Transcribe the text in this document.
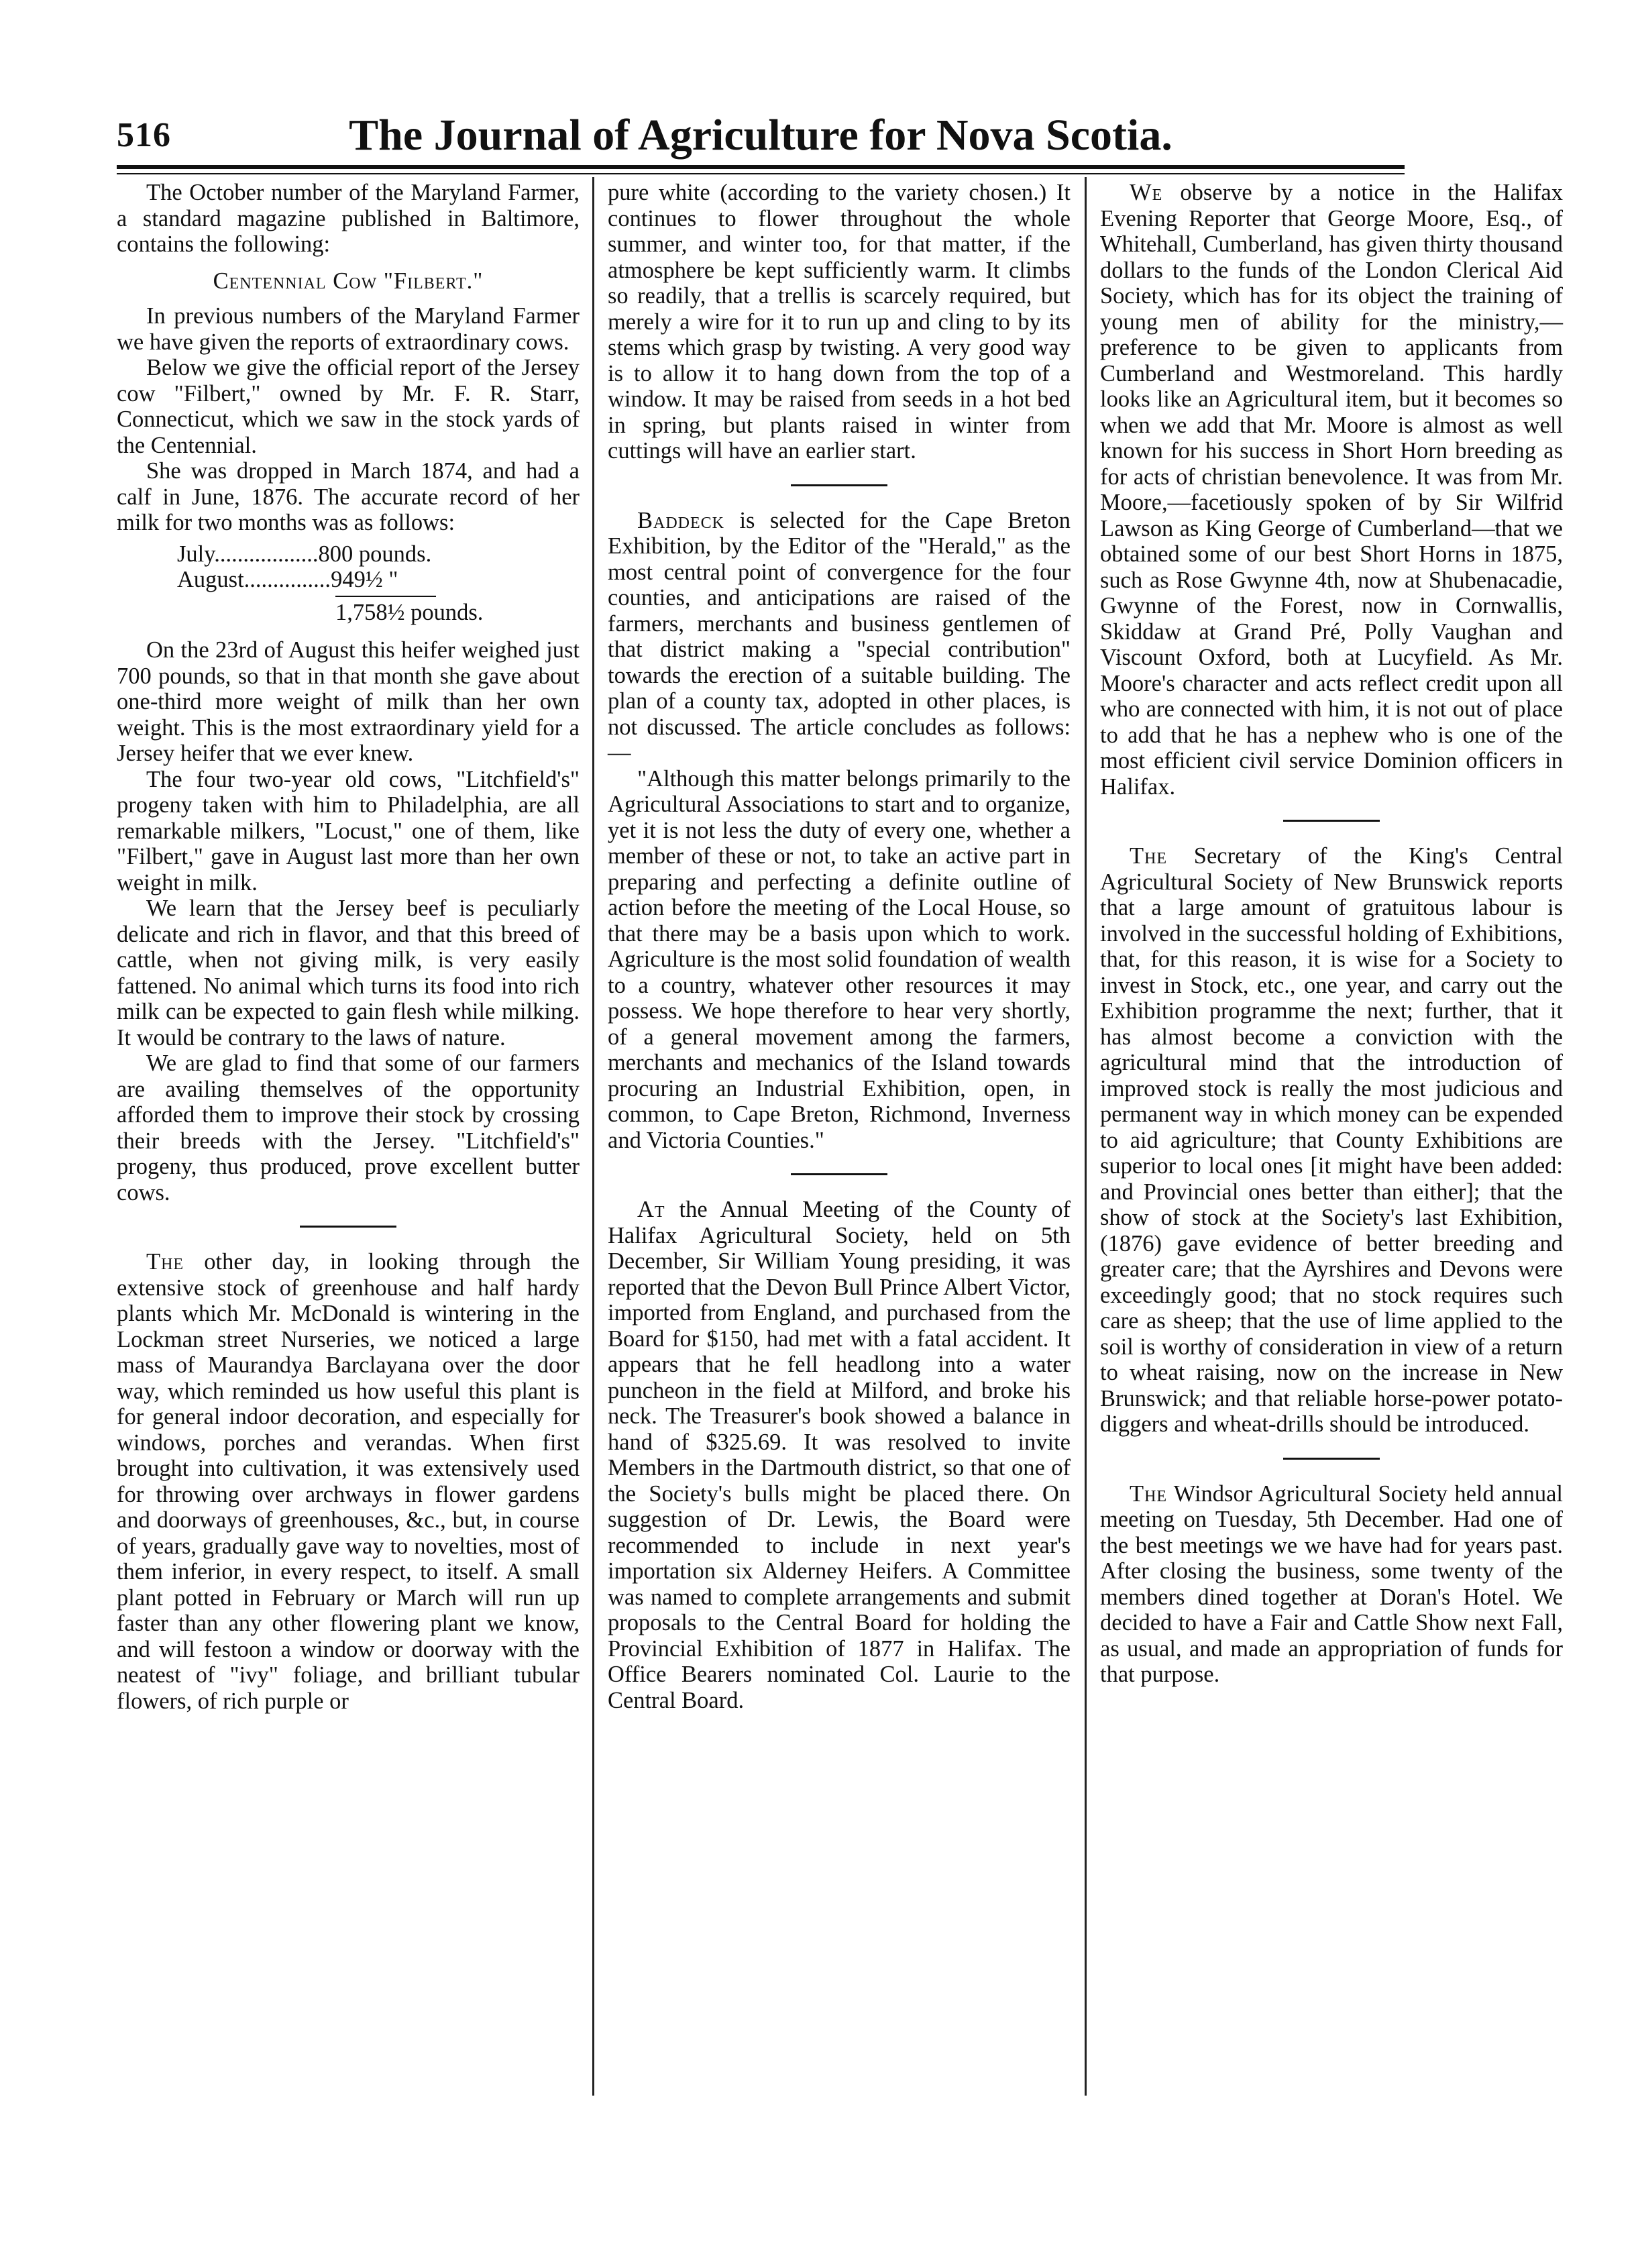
516	The Journal of Agriculture for Nova Scotia.

The October number of the Maryland Farmer, a standard magazine published in Baltimore, contains the following:

Centennial Cow "Filbert."

In previous numbers of the Maryland Farmer we have given the reports of extraordinary cows.

Below we give the official report of the Jersey cow "Filbert," owned by Mr. F. R. Starr, Connecticut, which we saw in the stock yards of the Centennial.

She was dropped in March 1874, and had a calf in June, 1876. The accurate record of her milk for two months was as follows:

July.................. 800 pounds.
August............... 949½ "
1,758½ pounds.

On the 23rd of August this heifer weighed just 700 pounds, so that in that month she gave about one-third more weight of milk than her own weight. This is the most extraordinary yield for a Jersey heifer that we ever knew.

The four two-year old cows, "Litchfield's" progeny taken with him to Philadelphia, are all remarkable milkers, "Locust," one of them, like "Filbert," gave in August last more than her own weight in milk.

We learn that the Jersey beef is peculiarly delicate and rich in flavor, and that this breed of cattle, when not giving milk, is very easily fattened. No animal which turns its food into rich milk can be expected to gain flesh while milking. It would be contrary to the laws of nature.

We are glad to find that some of our farmers are availing themselves of the opportunity afforded them to improve their stock by crossing their breeds with the Jersey. "Litchfield's" progeny, thus produced, prove excellent butter cows.

The other day, in looking through the extensive stock of greenhouse and half hardy plants which Mr. McDonald is wintering in the Lockman street Nurseries, we noticed a large mass of Maurandya Barclayana over the door way, which reminded us how useful this plant is for general indoor decoration, and especially for windows, porches and verandas. When first brought into cultivation, it was extensively used for throwing over archways in flower gardens and doorways of greenhouses, &c., but, in course of years, gradually gave way to novelties, most of them inferior, in every respect, to itself. A small plant potted in February or March will run up faster than any other flowering plant we know, and will festoon a window or doorway with the neatest of "ivy" foliage, and brilliant tubular flowers, of rich purple or

pure white (according to the variety chosen.) It continues to flower throughout the whole summer, and winter too, for that matter, if the atmosphere be kept sufficiently warm. It climbs so readily, that a trellis is scarcely required, but merely a wire for it to run up and cling to by its stems which grasp by twisting. A very good way is to allow it to hang down from the top of a window. It may be raised from seeds in a hot bed in spring, but plants raised in winter from cuttings will have an earlier start.

Baddeck is selected for the Cape Breton Exhibition, by the Editor of the "Herald," as the most central point of convergence for the four counties, and anticipations are raised of the farmers, merchants and business gentlemen of that district making a "special contribution" towards the erection of a suitable building. The plan of a county tax, adopted in other places, is not discussed. The article concludes as follows:—

"Although this matter belongs primarily to the Agricultural Associations to start and to organize, yet it is not less the duty of every one, whether a member of these or not, to take an active part in preparing and perfecting a definite outline of action before the meeting of the Local House, so that there may be a basis upon which to work. Agriculture is the most solid foundation of wealth to a country, whatever other resources it may possess. We hope therefore to hear very shortly, of a general movement among the farmers, merchants and mechanics of the Island towards procuring an Industrial Exhibition, open, in common, to Cape Breton, Richmond, Inverness and Victoria Counties."

At the Annual Meeting of the County of Halifax Agricultural Society, held on 5th December, Sir William Young presiding, it was reported that the Devon Bull Prince Albert Victor, imported from England, and purchased from the Board for $150, had met with a fatal accident. It appears that he fell headlong into a water puncheon in the field at Milford, and broke his neck. The Treasurer's book showed a balance in hand of $325.69. It was resolved to invite Members in the Dartmouth district, so that one of the Society's bulls might be placed there. On suggestion of Dr. Lewis, the Board were recommended to include in next year's importation six Alderney Heifers. A Committee was named to complete arrangements and submit proposals to the Central Board for holding the Provincial Exhibition of 1877 in Halifax. The Office Bearers nominated Col. Laurie to the Central Board.

We observe by a notice in the Halifax Evening Reporter that George Moore, Esq., of Whitehall, Cumberland, has given thirty thousand dollars to the funds of the London Clerical Aid Society, which has for its object the training of young men of ability for the ministry,—preference to be given to applicants from Cumberland and Westmoreland. This hardly looks like an Agricultural item, but it becomes so when we add that Mr. Moore is almost as well known for his success in Short Horn breeding as for acts of christian benevolence. It was from Mr. Moore,—facetiously spoken of by Sir Wilfrid Lawson as King George of Cumberland—that we obtained some of our best Short Horns in 1875, such as Rose Gwynne 4th, now at Shubenacadie, Gwynne of the Forest, now in Cornwallis, Skiddaw at Grand Pré, Polly Vaughan and Viscount Oxford, both at Lucyfield. As Mr. Moore's character and acts reflect credit upon all who are connected with him, it is not out of place to add that he has a nephew who is one of the most efficient civil service Dominion officers in Halifax.

The Secretary of the King's Central Agricultural Society of New Brunswick reports that a large amount of gratuitous labour is involved in the successful holding of Exhibitions, that, for this reason, it is wise for a Society to invest in Stock, etc., one year, and carry out the Exhibition programme the next; further, that it has almost become a conviction with the agricultural mind that the introduction of improved stock is really the most judicious and permanent way in which money can be expended to aid agriculture; that County Exhibitions are superior to local ones [it might have been added: and Provincial ones better than either]; that the show of stock at the Society's last Exhibition, (1876) gave evidence of better breeding and greater care; that the Ayrshires and Devons were exceedingly good; that no stock requires such care as sheep; that the use of lime applied to the soil is worthy of consideration in view of a return to wheat raising, now on the increase in New Brunswick; and that reliable horse-power potato-diggers and wheat-drills should be introduced.

The Windsor Agricultural Society held annual meeting on Tuesday, 5th December. Had one of the best meetings we we have had for years past. After closing the business, some twenty of the members dined together at Doran's Hotel. We decided to have a Fair and Cattle Show next Fall, as usual, and made an appropriation of funds for that purpose.
